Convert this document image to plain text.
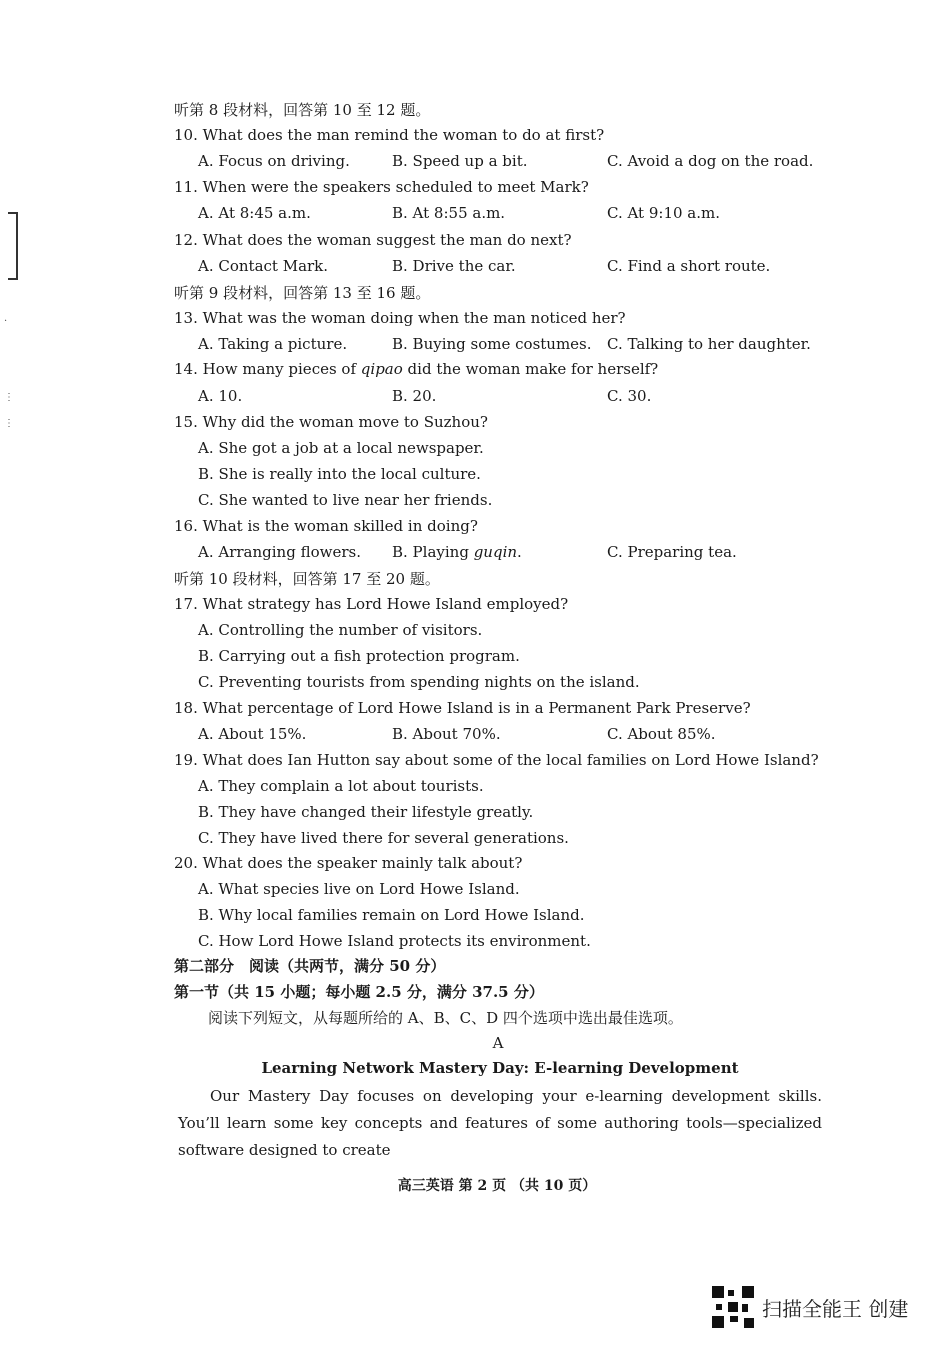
·
⋮
⋮
听第 8 段材料，回答第 10 至 12 题。
10. What does the man remind the woman to do at first?
A. Focus on driving.	B. Speed up a bit.	C. Avoid a dog on the road.
11. When were the speakers scheduled to meet Mark?
A. At 8:45 a.m.	B. At 8:55 a.m.	C. At 9:10 a.m.
12. What does the woman suggest the man do next?
A. Contact Mark.	B. Drive the car.	C. Find a short route.
听第 9 段材料，回答第 13 至 16 题。
13. What was the woman doing when the man noticed her?
A. Taking a picture.	B. Buying some costumes. C. Talking to her daughter.
14. How many pieces of qipao did the woman make for herself?
A. 10.	B. 20.	C. 30.
15. Why did the woman move to Suzhou?
A. She got a job at a local newspaper.
B. She is really into the local culture.
C. She wanted to live near her friends.
16. What is the woman skilled in doing?
A. Arranging flowers. B. Playing guqin.	C. Preparing tea.
听第 10 段材料，回答第 17 至 20 题。
17. What strategy has Lord Howe Island employed?
A. Controlling the number of visitors.
B. Carrying out a fish protection program.
C. Preventing tourists from spending nights on the island.
18. What percentage of Lord Howe Island is in a Permanent Park Preserve?
A. About 15%.	B. About 70%.	C. About 85%.
19. What does Ian Hutton say about some of the local families on Lord Howe Island?
A. They complain a lot about tourists.
B. They have changed their lifestyle greatly.
C. They have lived there for several generations.
20. What does the speaker mainly talk about?
A. What species live on Lord Howe Island.
B. Why local families remain on Lord Howe Island.
C. How Lord Howe Island protects its environment.
第二部分　阅读（共两节，满分 50 分）
第一节（共 15 小题；每小题 2.5 分，满分 37.5 分）
阅读下列短文，从每题所给的 A、B、C、D 四个选项中选出最佳选项。
A
Learning Network Mastery Day: E-learning Development
Our Mastery Day focuses on developing your e-learning development skills. You’ll learn some key concepts and features of some authoring tools—specialized software designed to create
高三英语 第 2 页 （共 10 页）
扫描全能王 创建
